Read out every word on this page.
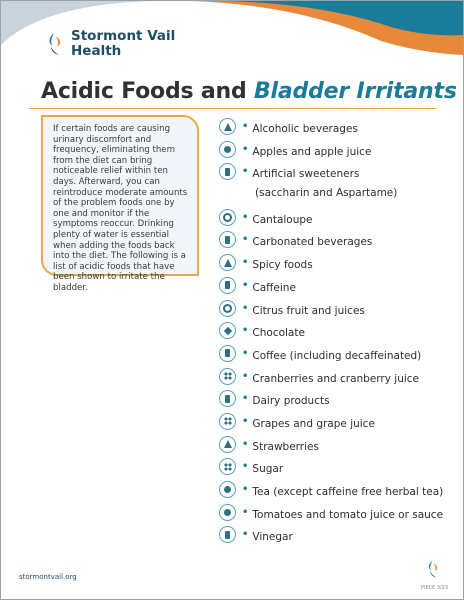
Stormont Vail
Health
Acidic Foods and Bladder Irritants

If certain foods are causing urinary discomfort and frequency, eliminating them from the diet can bring noticeable relief within ten days. Afterward, you can reintroduce moderate amounts of the problem foods one by one and monitor if the symptoms reoccur. Drinking plenty of water is essential when adding the foods back into the diet. The following is a list of acidic foods that have been shown to irritate the bladder.

• Alcoholic beverages
• Apples and apple juice
• Artificial sweeteners
(saccharin and Aspartame)
• Cantaloupe
• Carbonated beverages
• Spicy foods
• Caffeine
• Citrus fruit and juices
• Chocolate
• Coffee (including decaffeinated)
• Cranberries and cranberry juice
• Dairy products
• Grapes and grape juice
• Strawberries
• Sugar
• Tea (except caffeine free herbal tea)
• Tomatoes and tomato juice or sauce
• Vinegar
stormontvail.org
PIECE 3/23
